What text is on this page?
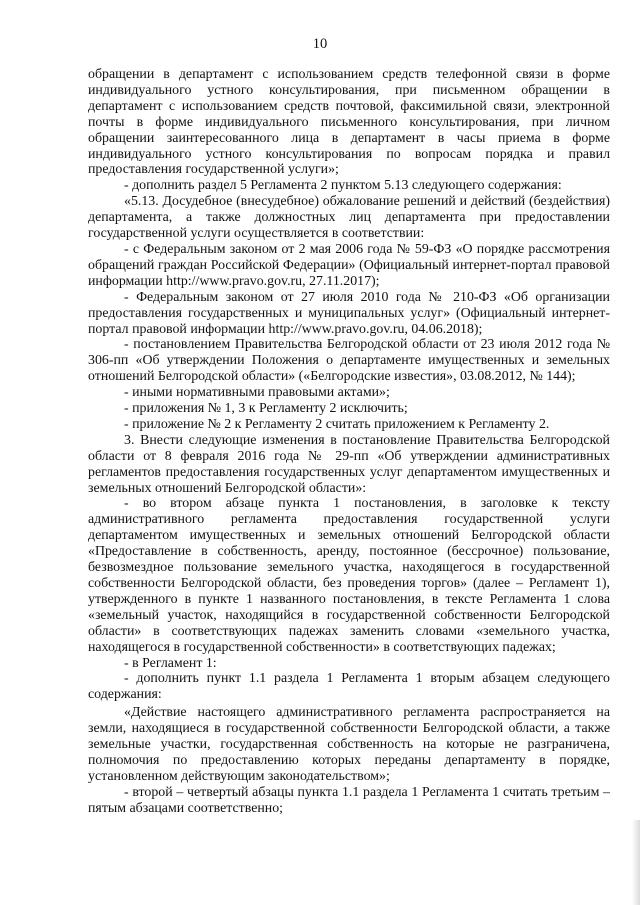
10

обращении в департамент с использованием средств телефонной связи в форме индивидуального устного консультирования, при письменном обращении в департамент с использованием средств почтовой, факсимильной связи, электронной почты в форме индивидуального письменного консультирования, при личном обращении заинтересованного лица в департамент в часы приема в форме индивидуального устного консультирования по вопросам порядка и правил предоставления государственной услуги»;

- дополнить раздел 5 Регламента 2 пунктом 5.13 следующего содержания:

«5.13. Досудебное (внесудебное) обжалование решений и действий (бездействия) департамента, а также должностных лиц департамента при предоставлении государственной услуги осуществляется в соответствии:

- с Федеральным законом от 2 мая 2006 года № 59-ФЗ «О порядке рассмотрения обращений граждан Российской Федерации» (Официальный интернет-портал правовой информации http://www.pravo.gov.ru, 27.11.2017);

- Федеральным законом от 27 июля 2010 года № 210-ФЗ «Об организации предоставления государственных и муниципальных услуг» (Официальный интернет-портал правовой информации http://www.pravo.gov.ru, 04.06.2018);

- постановлением Правительства Белгородской области от 23 июля 2012 года № 306-пп «Об утверждении Положения о департаменте имущественных и земельных отношений Белгородской области» («Белгородские известия», 03.08.2012, № 144);

- иными нормативными правовыми актами»;

- приложения № 1, 3 к Регламенту 2 исключить;

- приложение № 2 к Регламенту 2 считать приложением к Регламенту 2.

3. Внести следующие изменения в постановление Правительства Белгородской области от 8 февраля 2016 года № 29-пп «Об утверждении административных регламентов предоставления государственных услуг департаментом имущественных и земельных отношений Белгородской области»:

- во втором абзаце пункта 1 постановления, в заголовке к тексту административного регламента предоставления государственной услуги департаментом имущественных и земельных отношений Белгородской области «Предоставление в собственность, аренду, постоянное (бессрочное) пользование, безвозмездное пользование земельного участка, находящегося в государственной собственности Белгородской области, без проведения торгов» (далее – Регламент 1), утвержденного в пункте 1 названного постановления, в тексте Регламента 1 слова «земельный участок, находящийся в государственной собственности Белгородской области» в соответствующих падежах заменить словами «земельного участка, находящегося в государственной собственности» в соответствующих падежах;

- в Регламент 1:

- дополнить пункт 1.1 раздела 1 Регламента 1 вторым абзацем следующего содержания:

«Действие настоящего административного регламента распространяется на земли, находящиеся в государственной собственности Белгородской области, а также земельные участки, государственная собственность на которые не разграничена, полномочия по предоставлению которых переданы департаменту в порядке, установленном действующим законодательством»;

- второй – четвертый абзацы пункта 1.1 раздела 1 Регламента 1 считать третьим – пятым абзацами соответственно;
